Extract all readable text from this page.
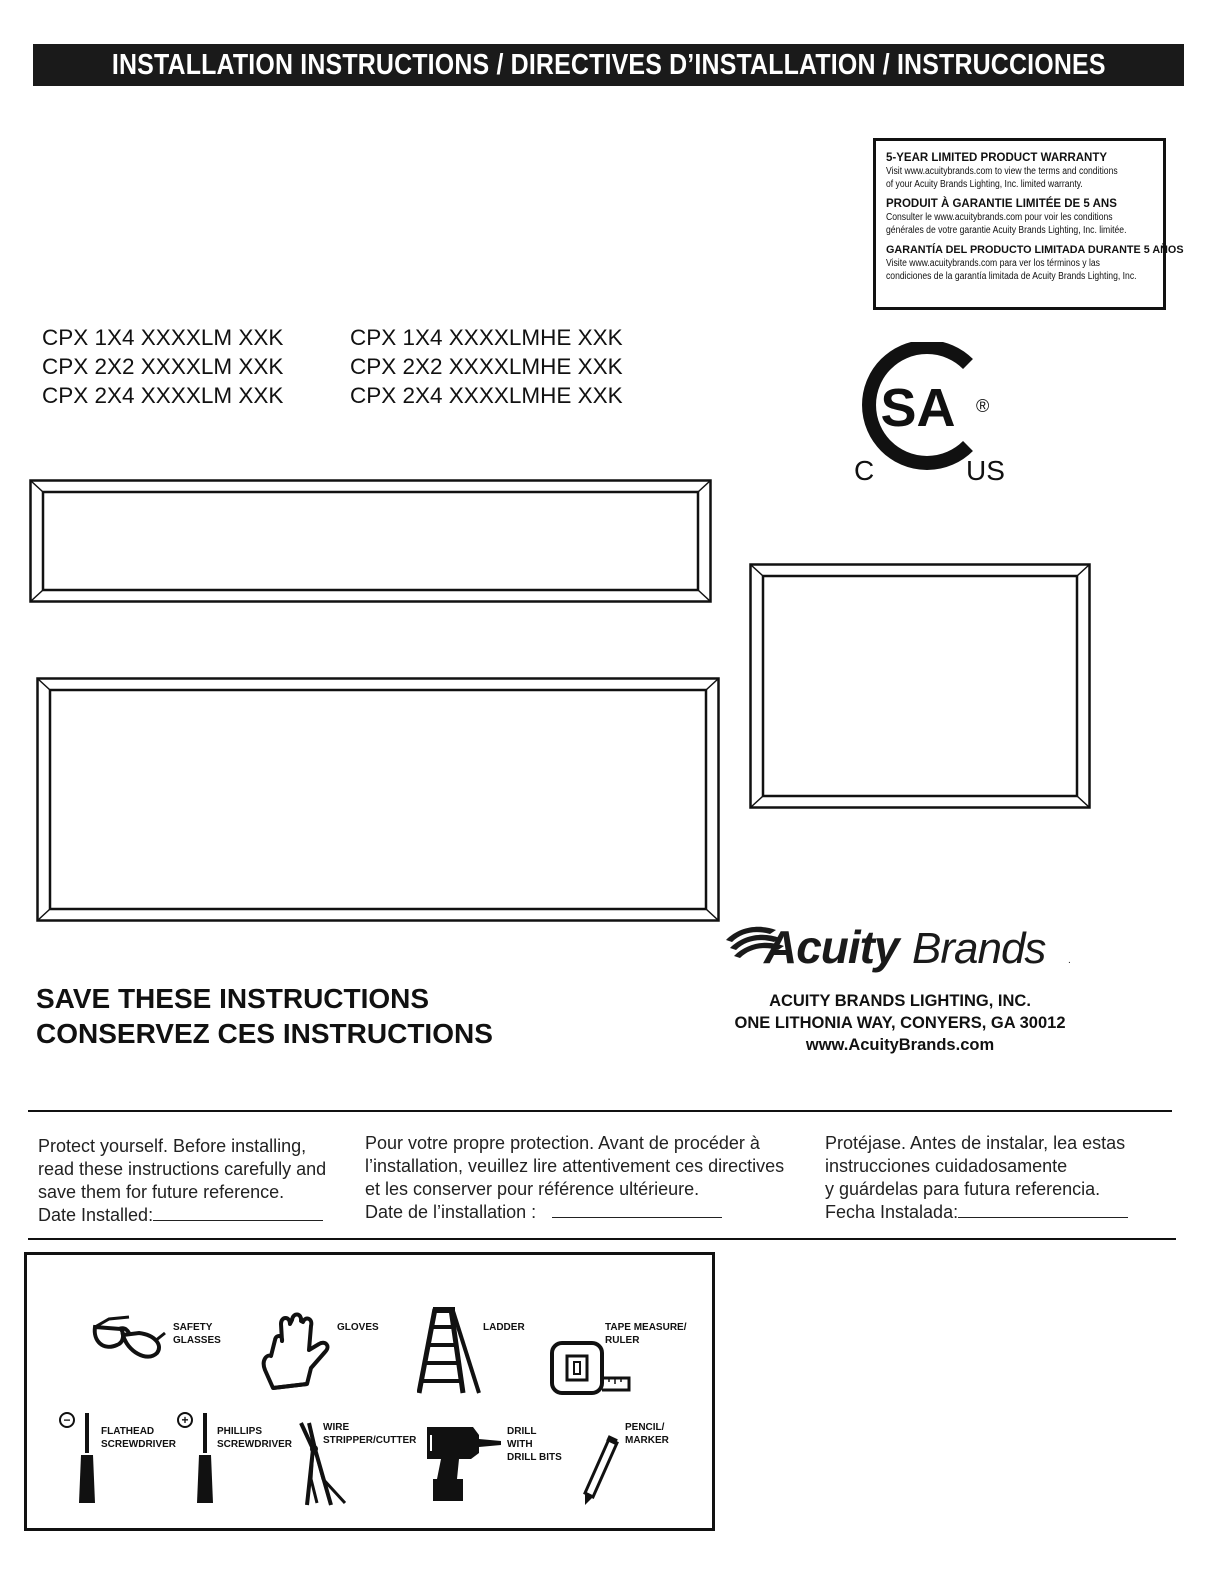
INSTALLATION INSTRUCTIONS / DIRECTIVES D’INSTALLATION / INSTRUCCIONES
5-YEAR LIMITED PRODUCT WARRANTY
Visit www.acuitybrands.com to view the terms and conditions
of your Acuity Brands Lighting, Inc. limited warranty.
PRODUIT À GARANTIE LIMITÉE DE 5 ANS
Consulter le www.acuitybrands.com pour voir les conditions
générales de votre garantie Acuity Brands Lighting, Inc. limitée.
GARANTÍA DEL PRODUCTO LIMITADA DURANTE 5 AÑOS
Visite www.acuitybrands.com para ver los términos y las
condiciones de la garantía limitada de Acuity Brands Lighting, Inc.
CPX 1X4 XXXXLM XXK
CPX 2X2 XXXXLM XXK
CPX 2X4 XXXXLM XXK
CPX 1X4 XXXXLMHE XXK
CPX 2X2 XXXXLMHE XXK
CPX 2X4 XXXXLMHE XXK	SA ®
C	US
SAVE THESE INSTRUCTIONS
CONSERVEZ CES INSTRUCTIONS
Acuity Brands .
ACUITY BRANDS LIGHTING, INC.
ONE LITHONIA WAY, CONYERS, GA 30012
www.AcuityBrands.com
Protect yourself. Before installing,
read these instructions carefully and
save them for future reference.
Date Installed:
Pour votre propre protection. Avant de procéder à
l’installation, veuillez lire attentivement ces directives
et les conserver pour référence ultérieure.
Date de l’installation :
Protéjase. Antes de instalar, lea estas
instrucciones cuidadosamente
y guárdelas para futura referencia.
Fecha Instalada:
SAFETY
GLASSES
GLOVES	LADDER	TAPE MEASURE/
RULER
−
FLATHEAD
SCREWDRIVER
+
PHILLIPS
SCREWDRIVER
WIRE
STRIPPER/CUTTER
DRILL
WITH
DRILL BITS
PENCIL/
MARKER
